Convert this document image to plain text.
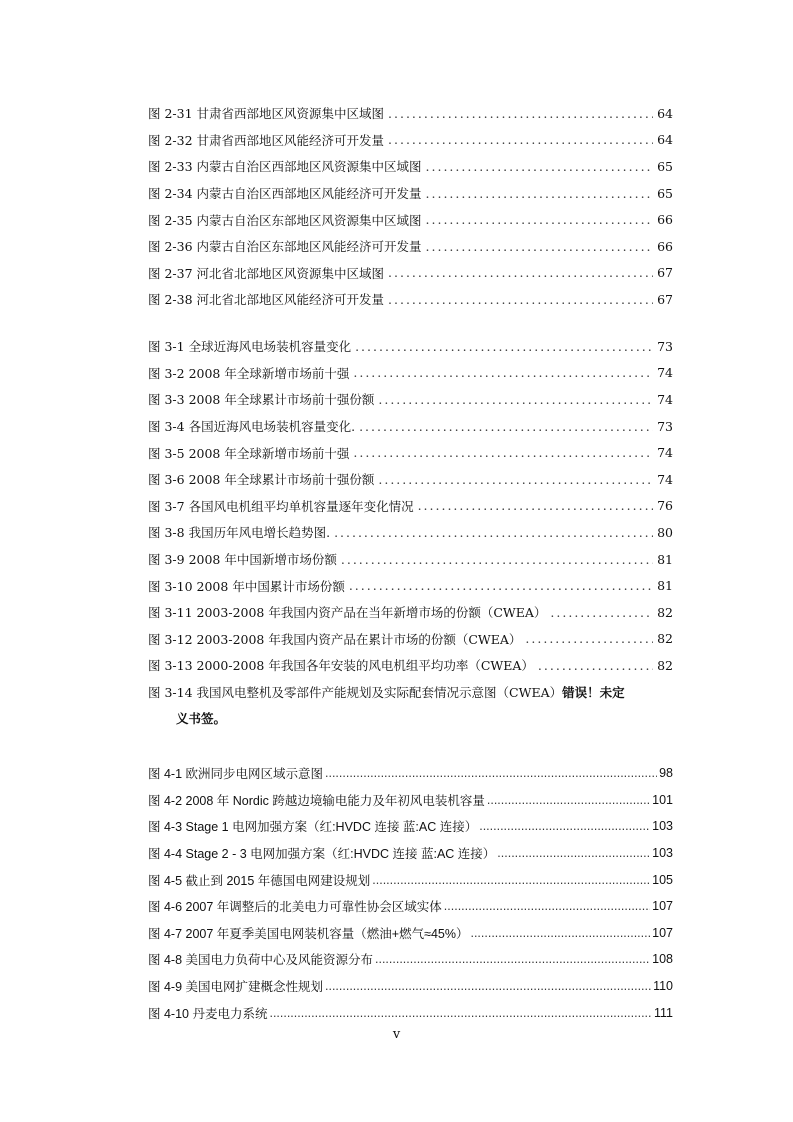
图 2-31 甘肃省西部地区风资源集中区域图 .....	64
图 2-32 甘肃省西部地区风能经济可开发量 .....	64
图 2-33 内蒙古自治区西部地区风资源集中区域图 .....	65
图 2-34 内蒙古自治区西部地区风能经济可开发量 .....	65
图 2-35 内蒙古自治区东部地区风资源集中区域图 .....	66
图 2-36 内蒙古自治区东部地区风能经济可开发量 .....	66
图 2-37 河北省北部地区风资源集中区域图 .....	67
图 2-38 河北省北部地区风能经济可开发量 .....	67
图 3-1 全球近海风电场装机容量变化 .....	73
图 3-2 2008 年全球新增市场前十强 .....	74
图 3-3 2008 年全球累计市场前十强份额 .....	74
图 3-4 各国近海风电场装机容量变化. .....	73
图 3-5 2008 年全球新增市场前十强 .....	74
图 3-6 2008 年全球累计市场前十强份额 .....	74
图 3-7 各国风电机组平均单机容量逐年变化情况 .....	76
图 3-8 我国历年风电增长趋势图. .....	80
图 3-9 2008 年中国新增市场份额 .....	81
图 3-10 2008 年中国累计市场份额 .....	81
图 3-11 2003-2008 年我国内资产品在当年新增市场的份额（CWEA） .....	82
图 3-12 2003-2008 年我国内资产品在累计市场的份额（CWEA） .....	82
图 3-13 2000-2008 年我国各年安装的风电机组平均功率（CWEA） .....	82
图 3-14 我国风电整机及零部件产能规划及实际配套情况示意图（CWEA）错误！未定
义书签。
图 4-1 欧洲同步电网区域示意图 .....	98
图 4-2 2008 年 Nordic 跨越边境输电能力及年初风电装机容量 .....	101
图 4-3 Stage 1 电网加强方案（红:HVDC 连接 蓝:AC 连接） .....	103
图 4-4 Stage 2 - 3 电网加强方案（红:HVDC 连接 蓝:AC 连接） .....	103
图 4-5 截止到 2015 年德国电网建设规划 .....	105
图 4-6 2007 年调整后的北美电力可靠性协会区域实体 .....	107
图 4-7 2007 年夏季美国电网装机容量（燃油+燃气≈45%） .....	107
图 4-8 美国电力负荷中心及风能资源分布 .....	108
图 4-9 美国电网扩建概念性规划 .....	110
图 4-10 丹麦电力系统 .....	111
v
